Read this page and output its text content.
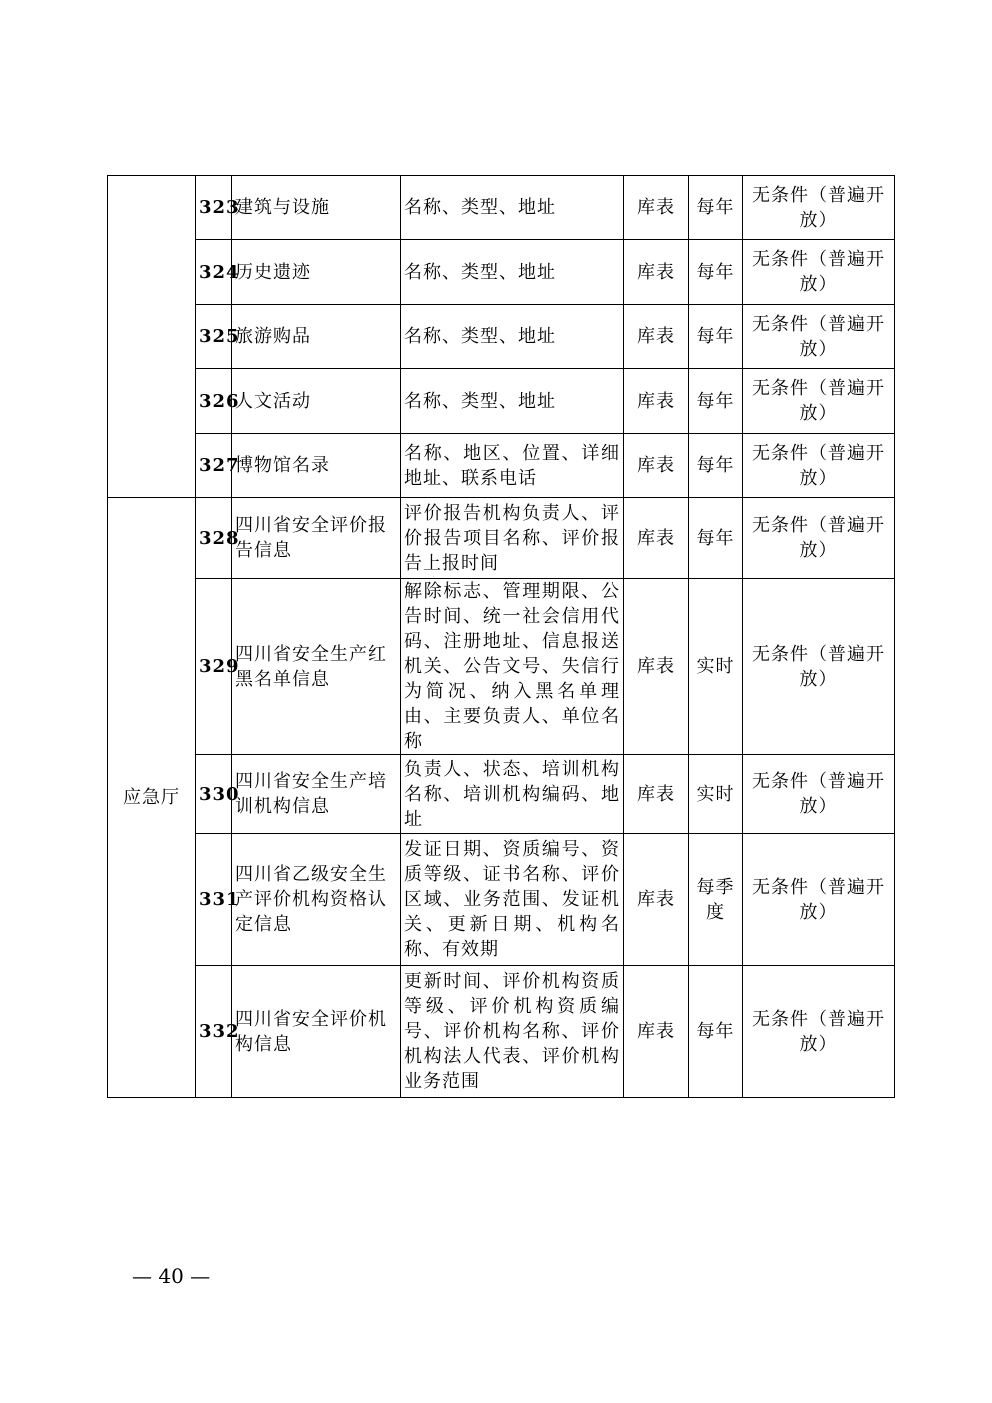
	323	建筑与设施	名称、类型、地址	库表	每年	无条件（普遍开放）
	324	历史遗迹	名称、类型、地址	库表	每年	无条件（普遍开放）
	325	旅游购品	名称、类型、地址	库表	每年	无条件（普遍开放）
	326	人文活动	名称、类型、地址	库表	每年	无条件（普遍开放）
	327	博物馆名录	名称、地区、位置、详细地址、联系电话	库表	每年	无条件（普遍开放）
应急厅	328	四川省安全评价报告信息	评价报告机构负责人、评价报告项目名称、评价报告上报时间	库表	每年	无条件（普遍开放）
	329	四川省安全生产红黑名单信息	解除标志、管理期限、公告时间、统一社会信用代码、注册地址、信息报送机关、公告文号、失信行为简况、纳入黑名单理由、主要负责人、单位名称	库表	实时	无条件（普遍开放）
	330	四川省安全生产培训机构信息	负责人、状态、培训机构名称、培训机构编码、地址	库表	实时	无条件（普遍开放）
	331	四川省乙级安全生产评价机构资格认定信息	发证日期、资质编号、资质等级、证书名称、评价区域、业务范围、发证机关、更新日期、机构名称、有效期	库表	每季度	无条件（普遍开放）
	332	四川省安全评价机构信息	更新时间、评价机构资质等级、评价机构资质编号、评价机构名称、评价机构法人代表、评价机构业务范围	库表	每年	无条件（普遍开放）
— 40 —
